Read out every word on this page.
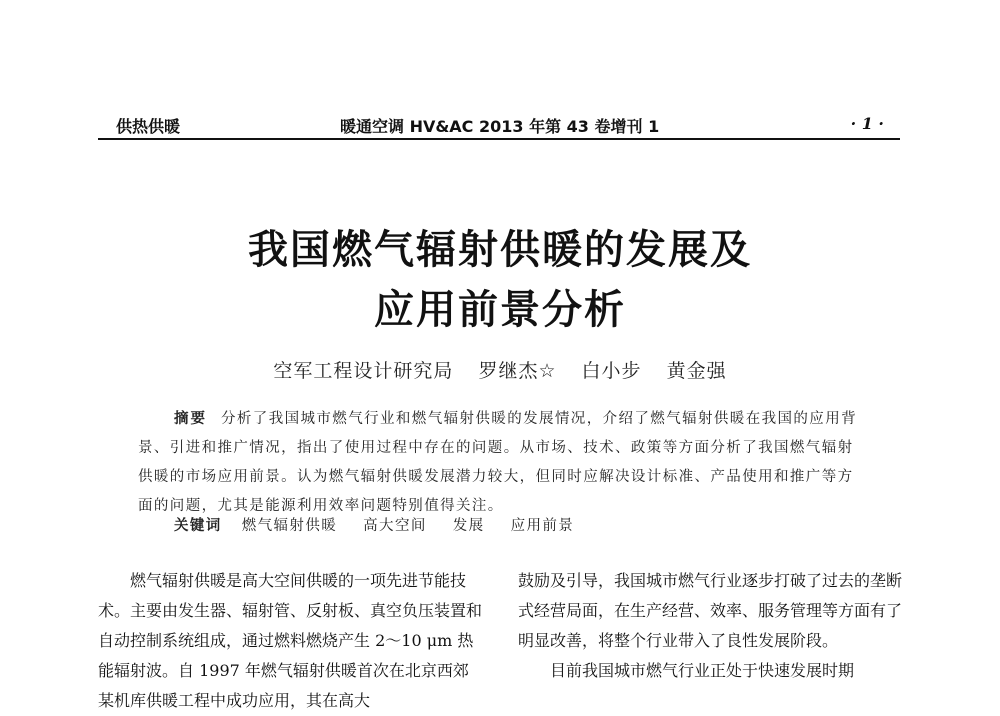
供热供暖	暖通空调 HV&AC 2013 年第 43 卷增刊 1	· 1 ·
我国燃气辐射供暖的发展及
应用前景分析
空军工程设计研究局 罗继杰☆ 白小步 黄金强
摘要 分析了我国城市燃气行业和燃气辐射供暖的发展情况，介绍了燃气辐射供暖在我国的应用背景、引进和推广情况，指出了使用过程中存在的问题。从市场、技术、政策等方面分析了我国燃气辐射供暖的市场应用前景。认为燃气辐射供暖发展潜力较大，但同时应解决设计标准、产品使用和推广等方面的问题，尤其是能源利用效率问题特别值得关注。
关键词 燃气辐射供暖 高大空间 发展 应用前景

燃气辐射供暖是高大空间供暖的一项先进节能技术。主要由发生器、辐射管、反射板、真空负压装置和自动控制系统组成，通过燃料燃烧产生 2～10 μm 热能辐射波。自 1997 年燃气辐射供暖首次在北京西郊某机库供暖工程中成功应用，其在高大

鼓励及引导，我国城市燃气行业逐步打破了过去的垄断式经营局面，在生产经营、效率、服务管理等方面有了明显改善，将整个行业带入了良性发展阶段。

目前我国城市燃气行业正处于快速发展时期
